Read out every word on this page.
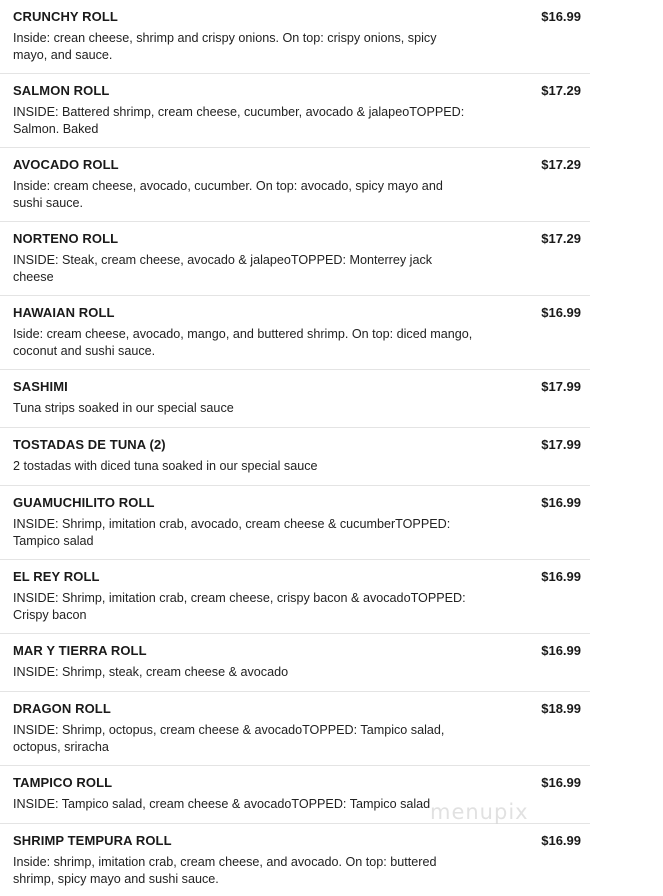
CRUNCHY ROLL	$16.99
Inside: crean cheese, shrimp and crispy onions. On top: crispy onions, spicy mayo, and sauce.
SALMON ROLL	$17.29
INSIDE: Battered shrimp, cream cheese, cucumber, avocado & jalapeoTOPPED: Salmon. Baked
AVOCADO ROLL	$17.29
Inside: cream cheese, avocado, cucumber. On top: avocado, spicy mayo and sushi sauce.
NORTENO ROLL	$17.29
INSIDE: Steak, cream cheese, avocado & jalapeoTOPPED: Monterrey jack cheese
HAWAIAN ROLL	$16.99
Iside: cream cheese, avocado, mango, and buttered shrimp. On top: diced mango, coconut and sushi sauce.
SASHIMI	$17.99
Tuna strips soaked in our special sauce
TOSTADAS DE TUNA (2)	$17.99
2 tostadas with diced tuna soaked in our special sauce
GUAMUCHILITO ROLL	$16.99
INSIDE: Shrimp, imitation crab, avocado, cream cheese & cucumberTOPPED: Tampico salad
EL REY ROLL	$16.99
INSIDE: Shrimp, imitation crab, cream cheese, crispy bacon & avocadoTOPPED: Crispy bacon
MAR Y TIERRA ROLL	$16.99
INSIDE: Shrimp, steak, cream cheese & avocado
DRAGON ROLL	$18.99
INSIDE: Shrimp, octopus, cream cheese & avocadoTOPPED: Tampico salad, octopus, sriracha
TAMPICO ROLL	$16.99
INSIDE: Tampico salad, cream cheese & avocadoTOPPED: Tampico salad
SHRIMP TEMPURA ROLL	$16.99
Inside: shrimp, imitation crab, cream cheese, and avocado. On top: buttered shrimp, spicy mayo and sushi sauce.
menupix
